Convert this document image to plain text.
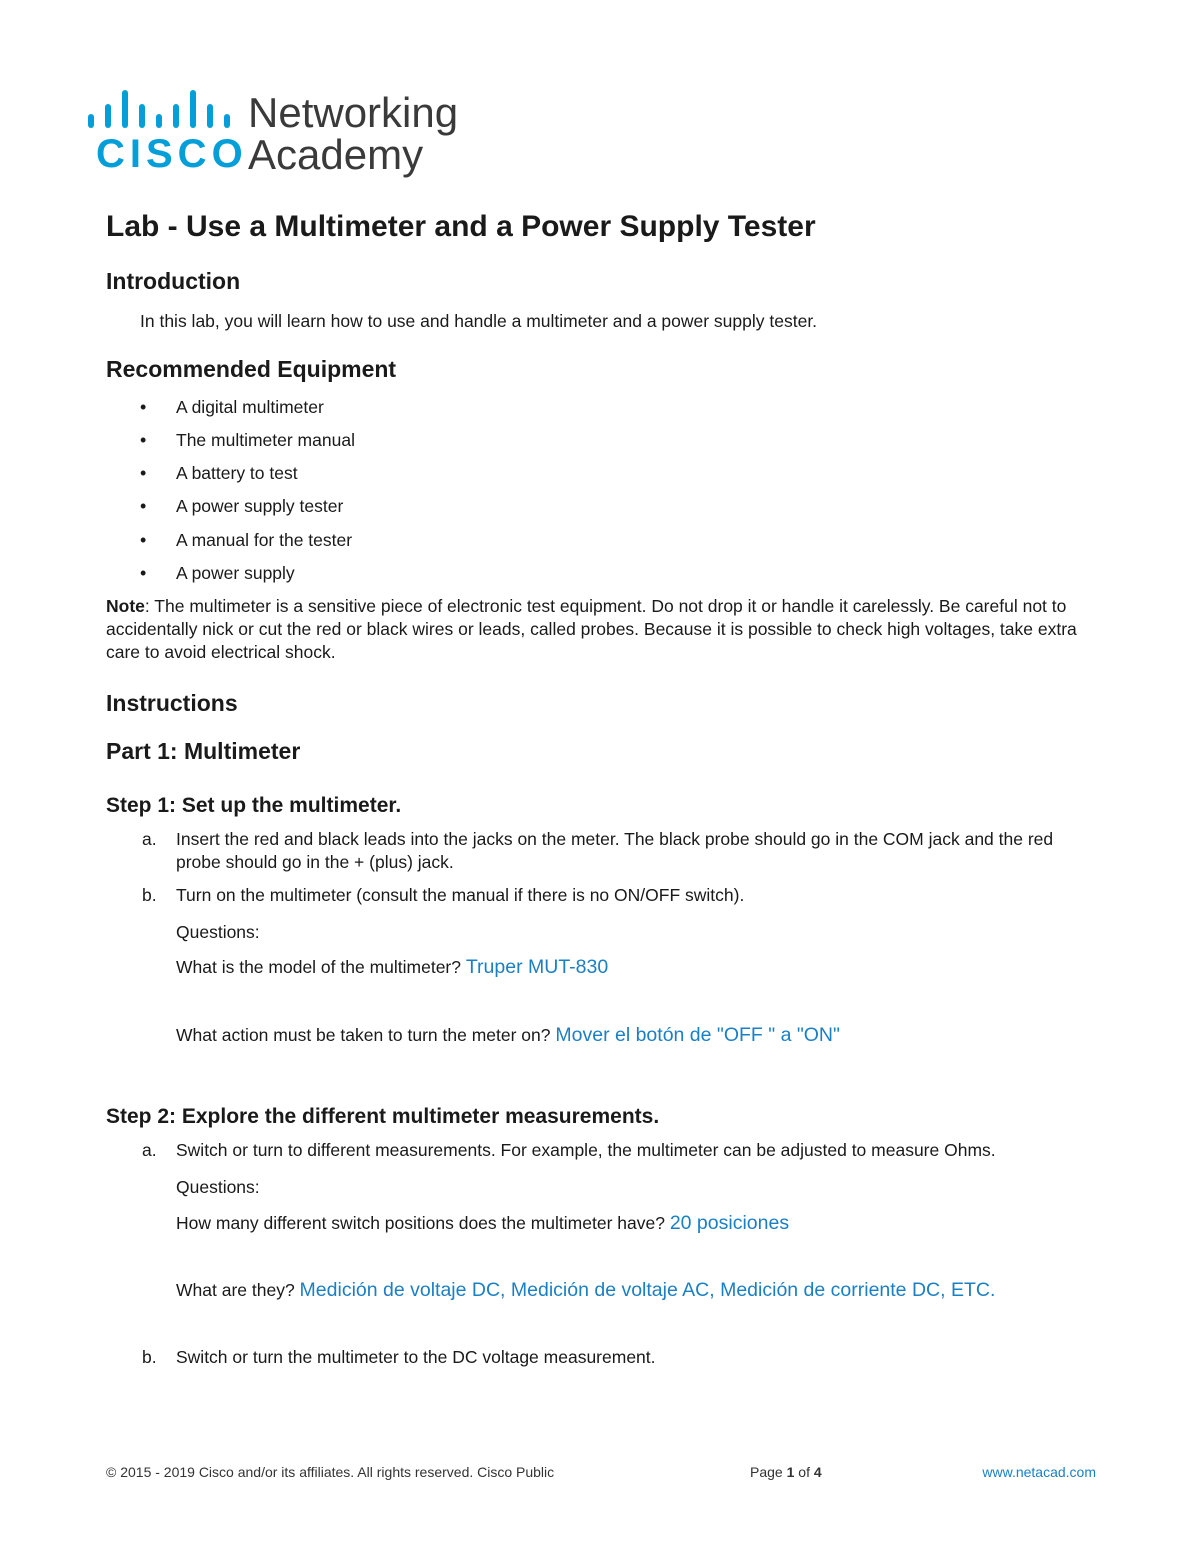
CISCO
Networking
Academy
Lab - Use a Multimeter and a Power Supply Tester
Introduction

In this lab, you will learn how to use and handle a multimeter and a power supply tester.

Recommended Equipment
• A digital multimeter
• The multimeter manual
• A battery to test
• A power supply tester
• A manual for the tester
• A power supply

Note: The multimeter is a sensitive piece of electronic test equipment. Do not drop it or handle it carelessly. Be careful not to accidentally nick or cut the red or black wires or leads, called probes. Because it is possible to check high voltages, take extra care to avoid electrical shock.

Instructions
Part 1: Multimeter
Step 1: Set up the multimeter.
a. Insert the red and black leads into the jacks on the meter. The black probe should go in the COM jack and the red probe should go in the + (plus) jack.
b. Turn on the multimeter (consult the manual if there is no ON/OFF switch).

Questions:

What is the model of the multimeter? Truper MUT-830
What action must be taken to turn the meter on? Mover el botón de "OFF " a "ON"
Step 2: Explore the different multimeter measurements.
a. Switch or turn to different measurements. For example, the multimeter can be adjusted to measure Ohms.

Questions:

How many different switch positions does the multimeter have? 20 posiciones
What are they? Medición de voltaje DC, Medición de voltaje AC, Medición de corriente DC, ETC.
b. Switch or turn the multimeter to the DC voltage measurement.
© 2015 - 2019 Cisco and/or its affiliates. All rights reserved. Cisco Public	Page 1 of 4	www.netacad.com
